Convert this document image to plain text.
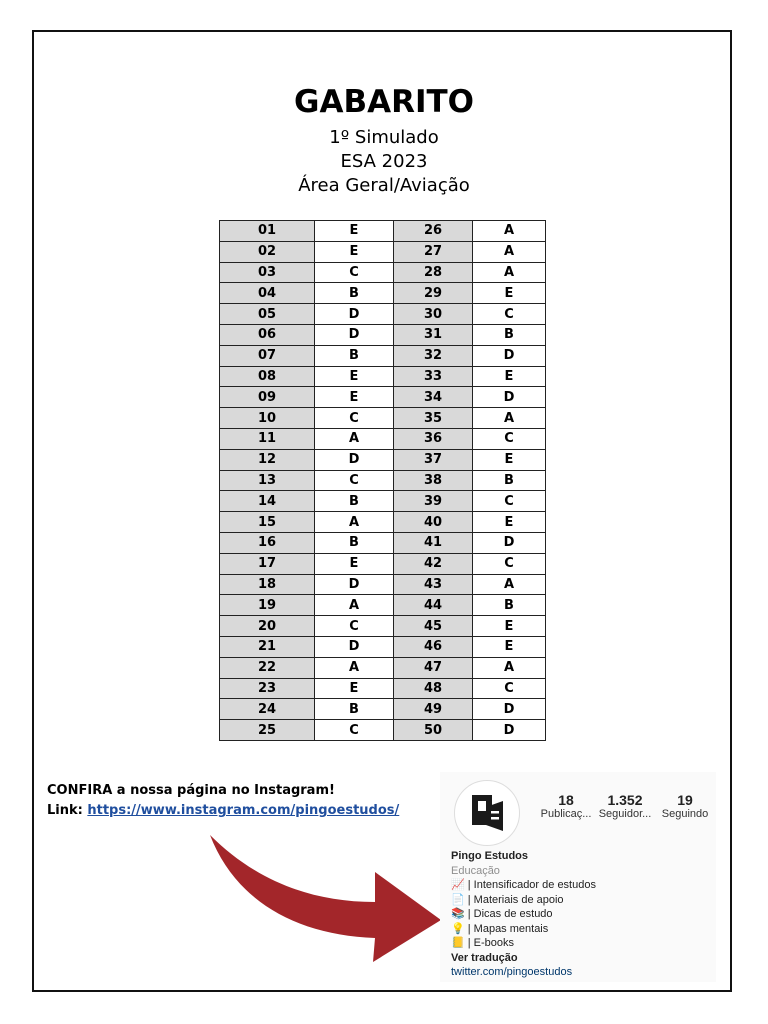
GABARITO
1º Simulado
ESA 2023
Área Geral/Aviação
01	E	26	A
02	E	27	A
03	C	28	A
04	B	29	E
05	D	30	C
06	D	31	B
07	B	32	D
08	E	33	E
09	E	34	D
10	C	35	A
11	A	36	C
12	D	37	E
13	C	38	B
14	B	39	C
15	A	40	E
16	B	41	D
17	E	42	C
18	D	43	A
19	A	44	B
20	C	45	E
21	D	46	E
22	A	47	A
23	E	48	C
24	B	49	D
25	C	50	D
CONFIRA a nossa página no Instagram!
Link: https://www.instagram.com/pingoestudos/
18
Publicaç...
1.352
Seguidor...
19
Seguindo
Pingo Estudos
Educação
📈 | Intensificador de estudos
📄 | Materiais de apoio
📚 | Dicas de estudo
💡 | Mapas mentais
📒 | E-books
Ver tradução
twitter.com/pingoestudos
